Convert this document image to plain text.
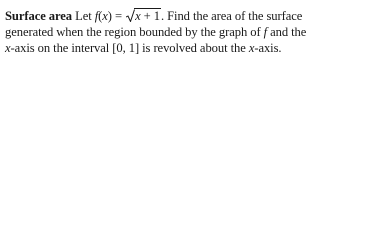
Surface area Let f(x) =
x + 1. Find the area of the surface
generated when the region bounded by the graph of f and the
x-axis on the interval [0, 1] is revolved about the x-axis.
